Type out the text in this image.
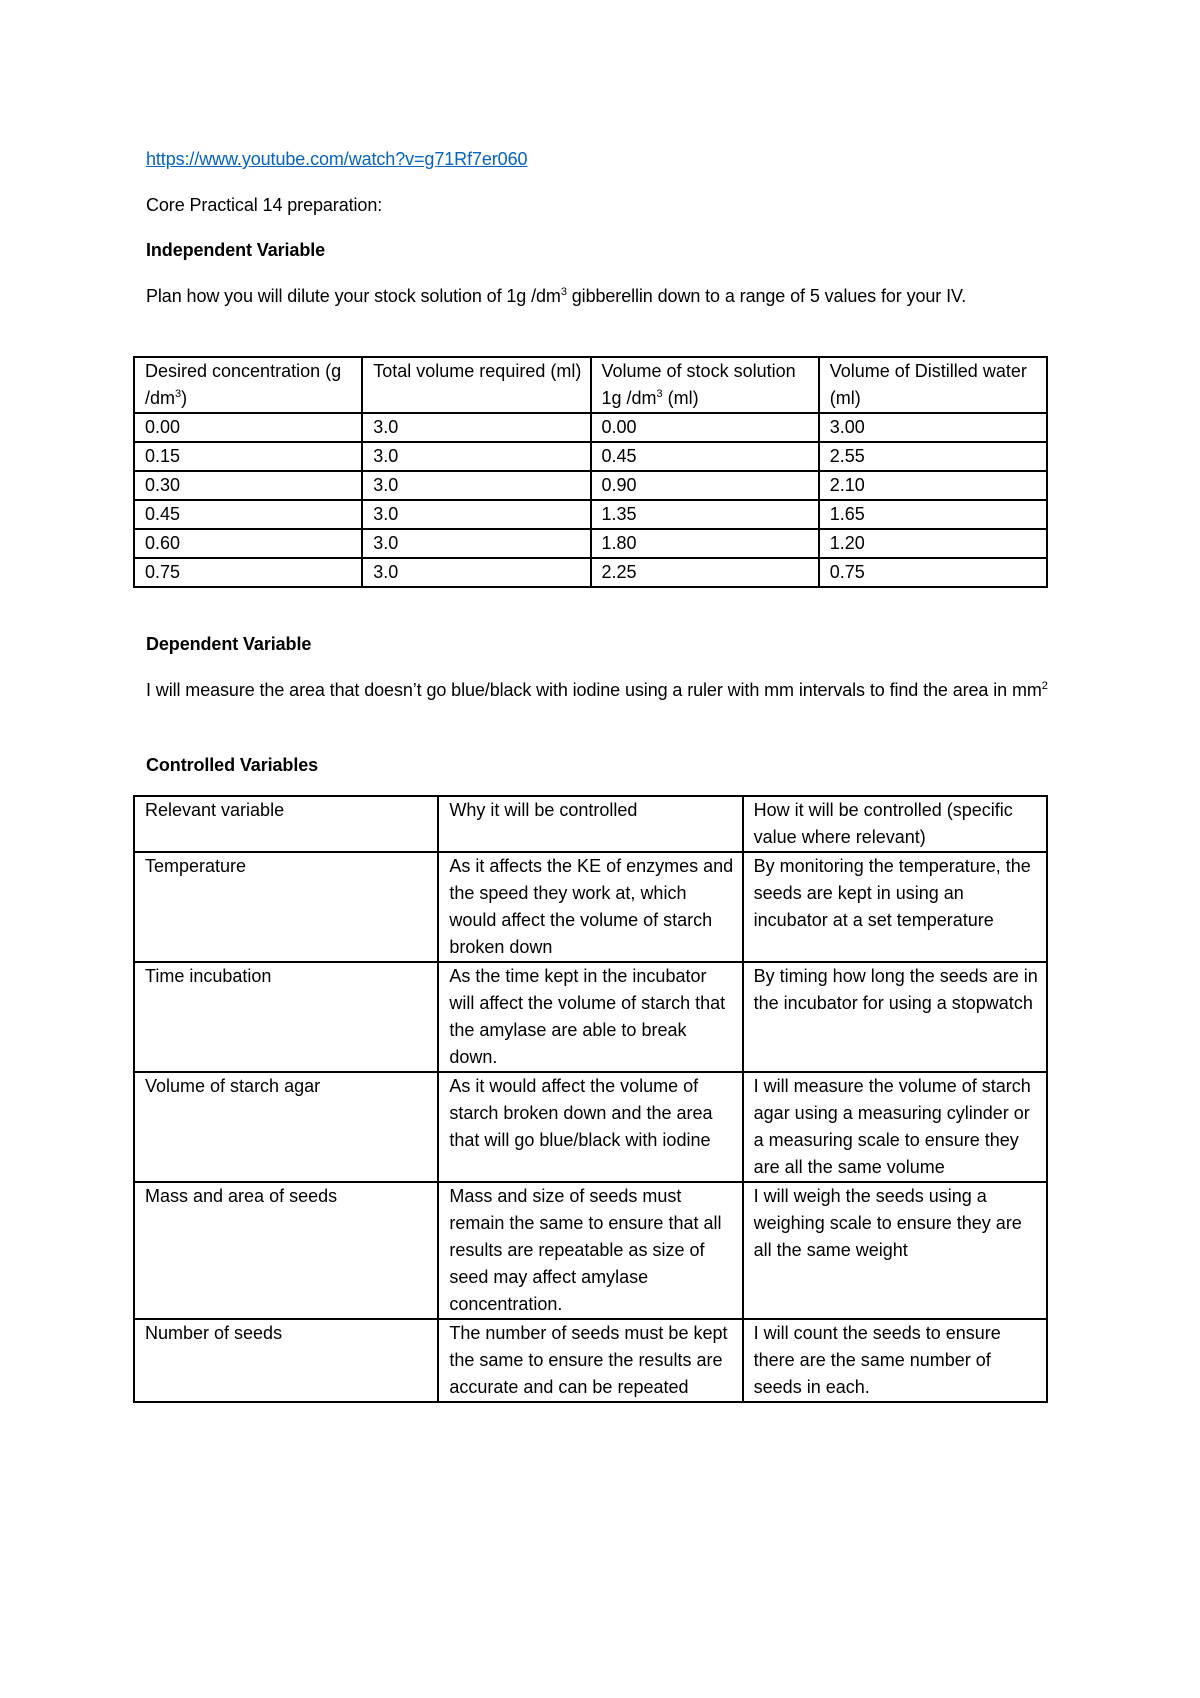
https://www.youtube.com/watch?v=g71Rf7er060
Core Practical 14 preparation:
Independent Variable
Plan how you will dilute your stock solution of 1g $/dm^3$ gibberellin down to a range of 5 values for your IV.
Desired concentration (g $/dm^3$)	Total volume required (ml)	Volume of stock solution 1g $/dm^3$ (ml)	Volume of Distilled water (ml)
0.00	3.0	0.00	3.00
0.15	3.0	0.45	2.55
0.30	3.0	0.90	2.10
0.45	3.0	1.35	1.65
0.60	3.0	1.80	1.20
0.75	3.0	2.25	0.75
Dependent Variable
I will measure the area that doesn’t go blue/black with iodine using a ruler with mm intervals to find the area in $mm^2$
Controlled Variables
Relevant variable	Why it will be controlled	How it will be controlled (specific value where relevant)
Temperature	As it affects the KE of enzymes and the speed they work at, which would affect the volume of starch broken down	By monitoring the temperature, the seeds are kept in using an incubator at a set temperature
Time incubation	As the time kept in the incubator will affect the volume of starch that the amylase are able to break down.	By timing how long the seeds are in the incubator for using a stopwatch
Volume of starch agar	As it would affect the volume of starch broken down and the area that will go blue/black with iodine	I will measure the volume of starch agar using a measuring cylinder or a measuring scale to ensure they are all the same volume
Mass and area of seeds	Mass and size of seeds must remain the same to ensure that all results are repeatable as size of seed may affect amylase concentration.	I will weigh the seeds using a weighing scale to ensure they are all the same weight
Number of seeds	The number of seeds must be kept the same to ensure the results are accurate and can be repeated	I will count the seeds to ensure there are the same number of seeds in each.
